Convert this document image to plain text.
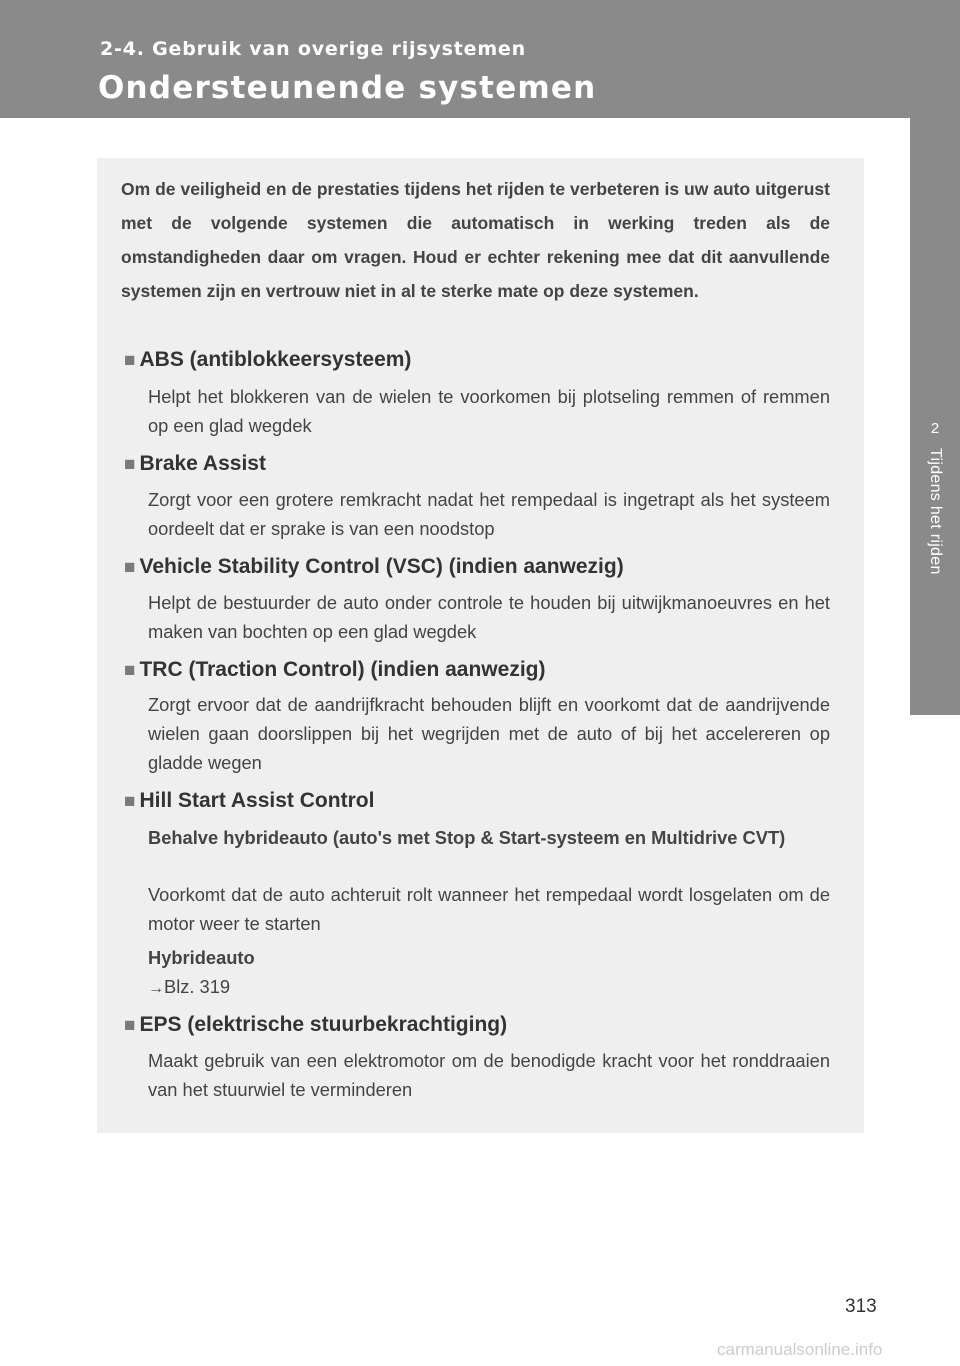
2-4. Gebruik van overige rijsystemen
Ondersteunende systemen
2
Tijdens het rijden

Om de veiligheid en de prestaties tijdens het rijden te verbeteren is uw auto uitgerust met de volgende systemen die automatisch in werking treden als de omstandigheden daar om vragen. Houd er echter rekening mee dat dit aanvullende systemen zijn en vertrouw niet in al te sterke mate op deze systemen.

■ ABS (antiblokkeersysteem)

Helpt het blokkeren van de wielen te voorkomen bij plotseling remmen of remmen op een glad wegdek

■ Brake Assist

Zorgt voor een grotere remkracht nadat het rempedaal is ingetrapt als het systeem oordeelt dat er sprake is van een noodstop

■ Vehicle Stability Control (VSC) (indien aanwezig)

Helpt de bestuurder de auto onder controle te houden bij uitwijkmanoeuvres en het maken van bochten op een glad wegdek

■ TRC (Traction Control) (indien aanwezig)

Zorgt ervoor dat de aandrijfkracht behouden blijft en voorkomt dat de aandrijvende wielen gaan doorslippen bij het wegrijden met de auto of bij het accelereren op gladde wegen

■ Hill Start Assist Control

Behalve hybrideauto (auto's met Stop & Start-systeem en Multidrive CVT)

Voorkomt dat de auto achteruit rolt wanneer het rempedaal wordt losgelaten om de motor weer te starten

Hybrideauto

→Blz. 319

■ EPS (elektrische stuurbekrachtiging)

Maakt gebruik van een elektromotor om de benodigde kracht voor het ronddraaien van het stuurwiel te verminderen

313
carmanualsonline.info
